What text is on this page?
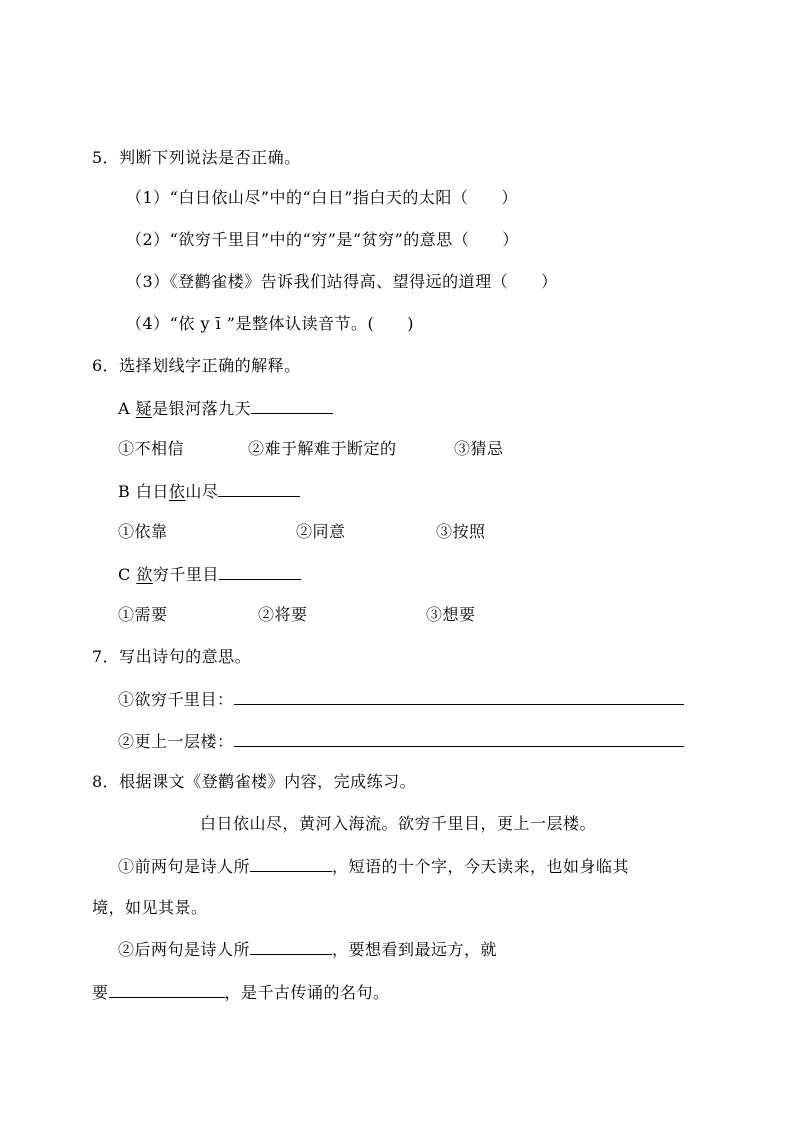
5．判断下列说法是否正确。
（1）“白日依山尽”中的“白日”指白天的太阳（　　）
（2）“欲穷千里目”中的“穷”是“贫穷”的意思（　　）
（3）《登鹳雀楼》告诉我们站得高、望得远的道理（　　）
（4）“依 y ī ”是整体认读音节。(　　)
6．选择划线字正确的解释。
A 疑是银河落九天
①不相信	②难于解难于断定的	③猜忌
B 白日依山尽
①依靠	②同意	③按照
C 欲穷千里目
①需要	②将要	③想要
7．写出诗句的意思。
①欲穷千里目：
②更上一层楼：
8．根据课文《登鹳雀楼》内容，完成练习。
白日依山尽，黄河入海流。欲穷千里目，更上一层楼。
①前两句是诗人所	，短语的十个字，今天读来，也如身临其
境，如见其景。
②后两句是诗人所	，要想看到最远方，就
要	，是千古传诵的名句。
